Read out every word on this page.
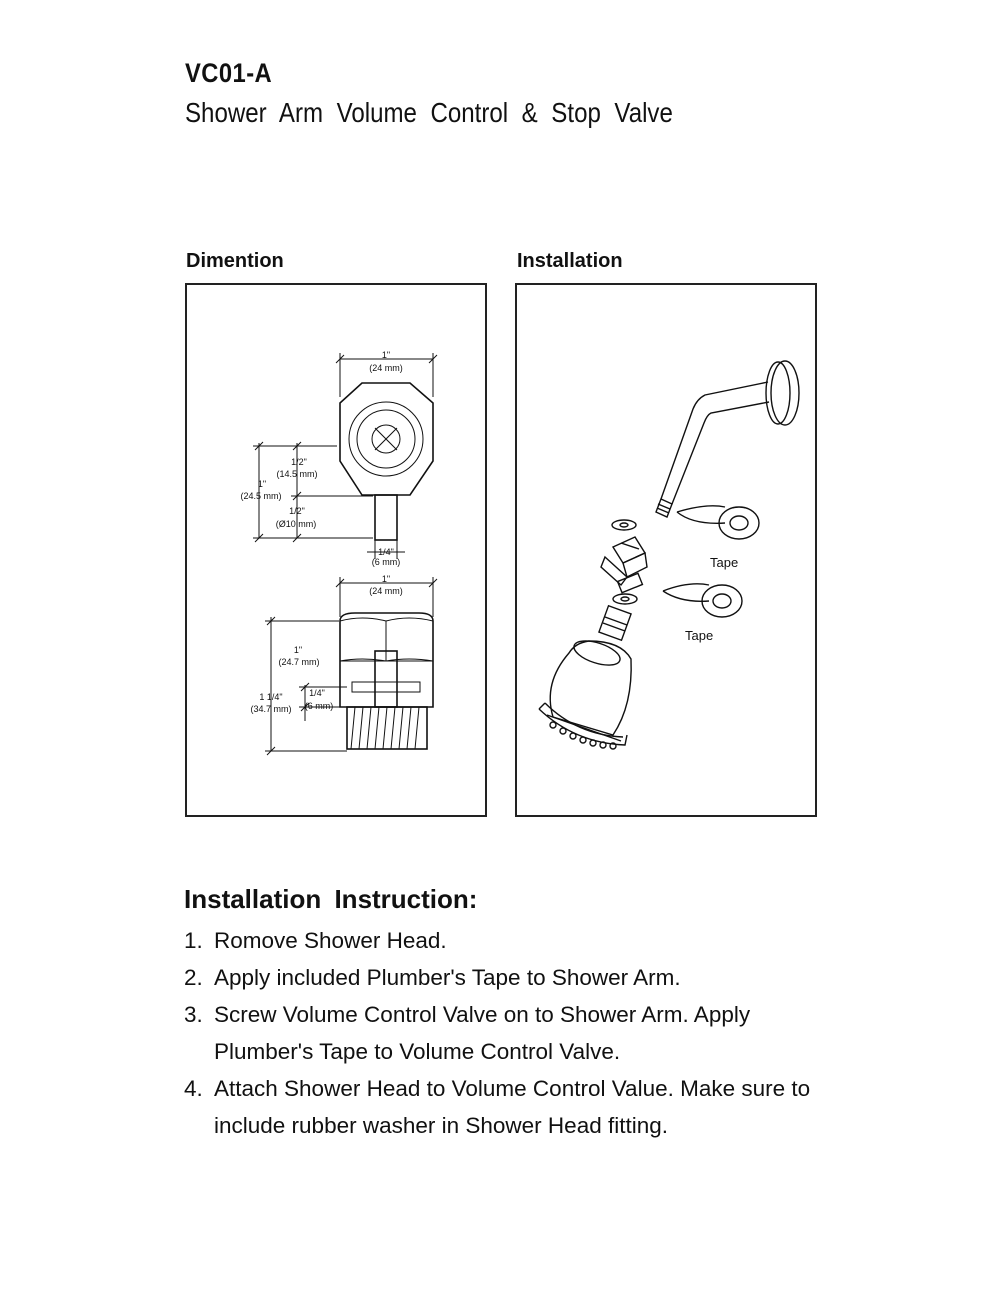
VC01-A
Shower Arm Volume Control & Stop Valve
Dimention	Installation
1"
(24 mm)
1/2"
(14.5 mm)
1"
(24.5 mm)
1/2"
(Ø10 mm)
1/4"
(6 mm)
1"
(24 mm)
1"
(24.7 mm)
1 1/4"
(34.7 mm)
1/4"
(6 mm)
Tape
Tape
Installation Instruction:
1. Romove Shower Head.
2. Apply included Plumber's Tape to Shower Arm.
3. Screw Volume Control Valve on to Shower Arm. Apply Plumber's Tape to Volume Control Valve.
4. Attach Shower Head to Volume Control Value. Make sure to include rubber washer in Shower Head fitting.
